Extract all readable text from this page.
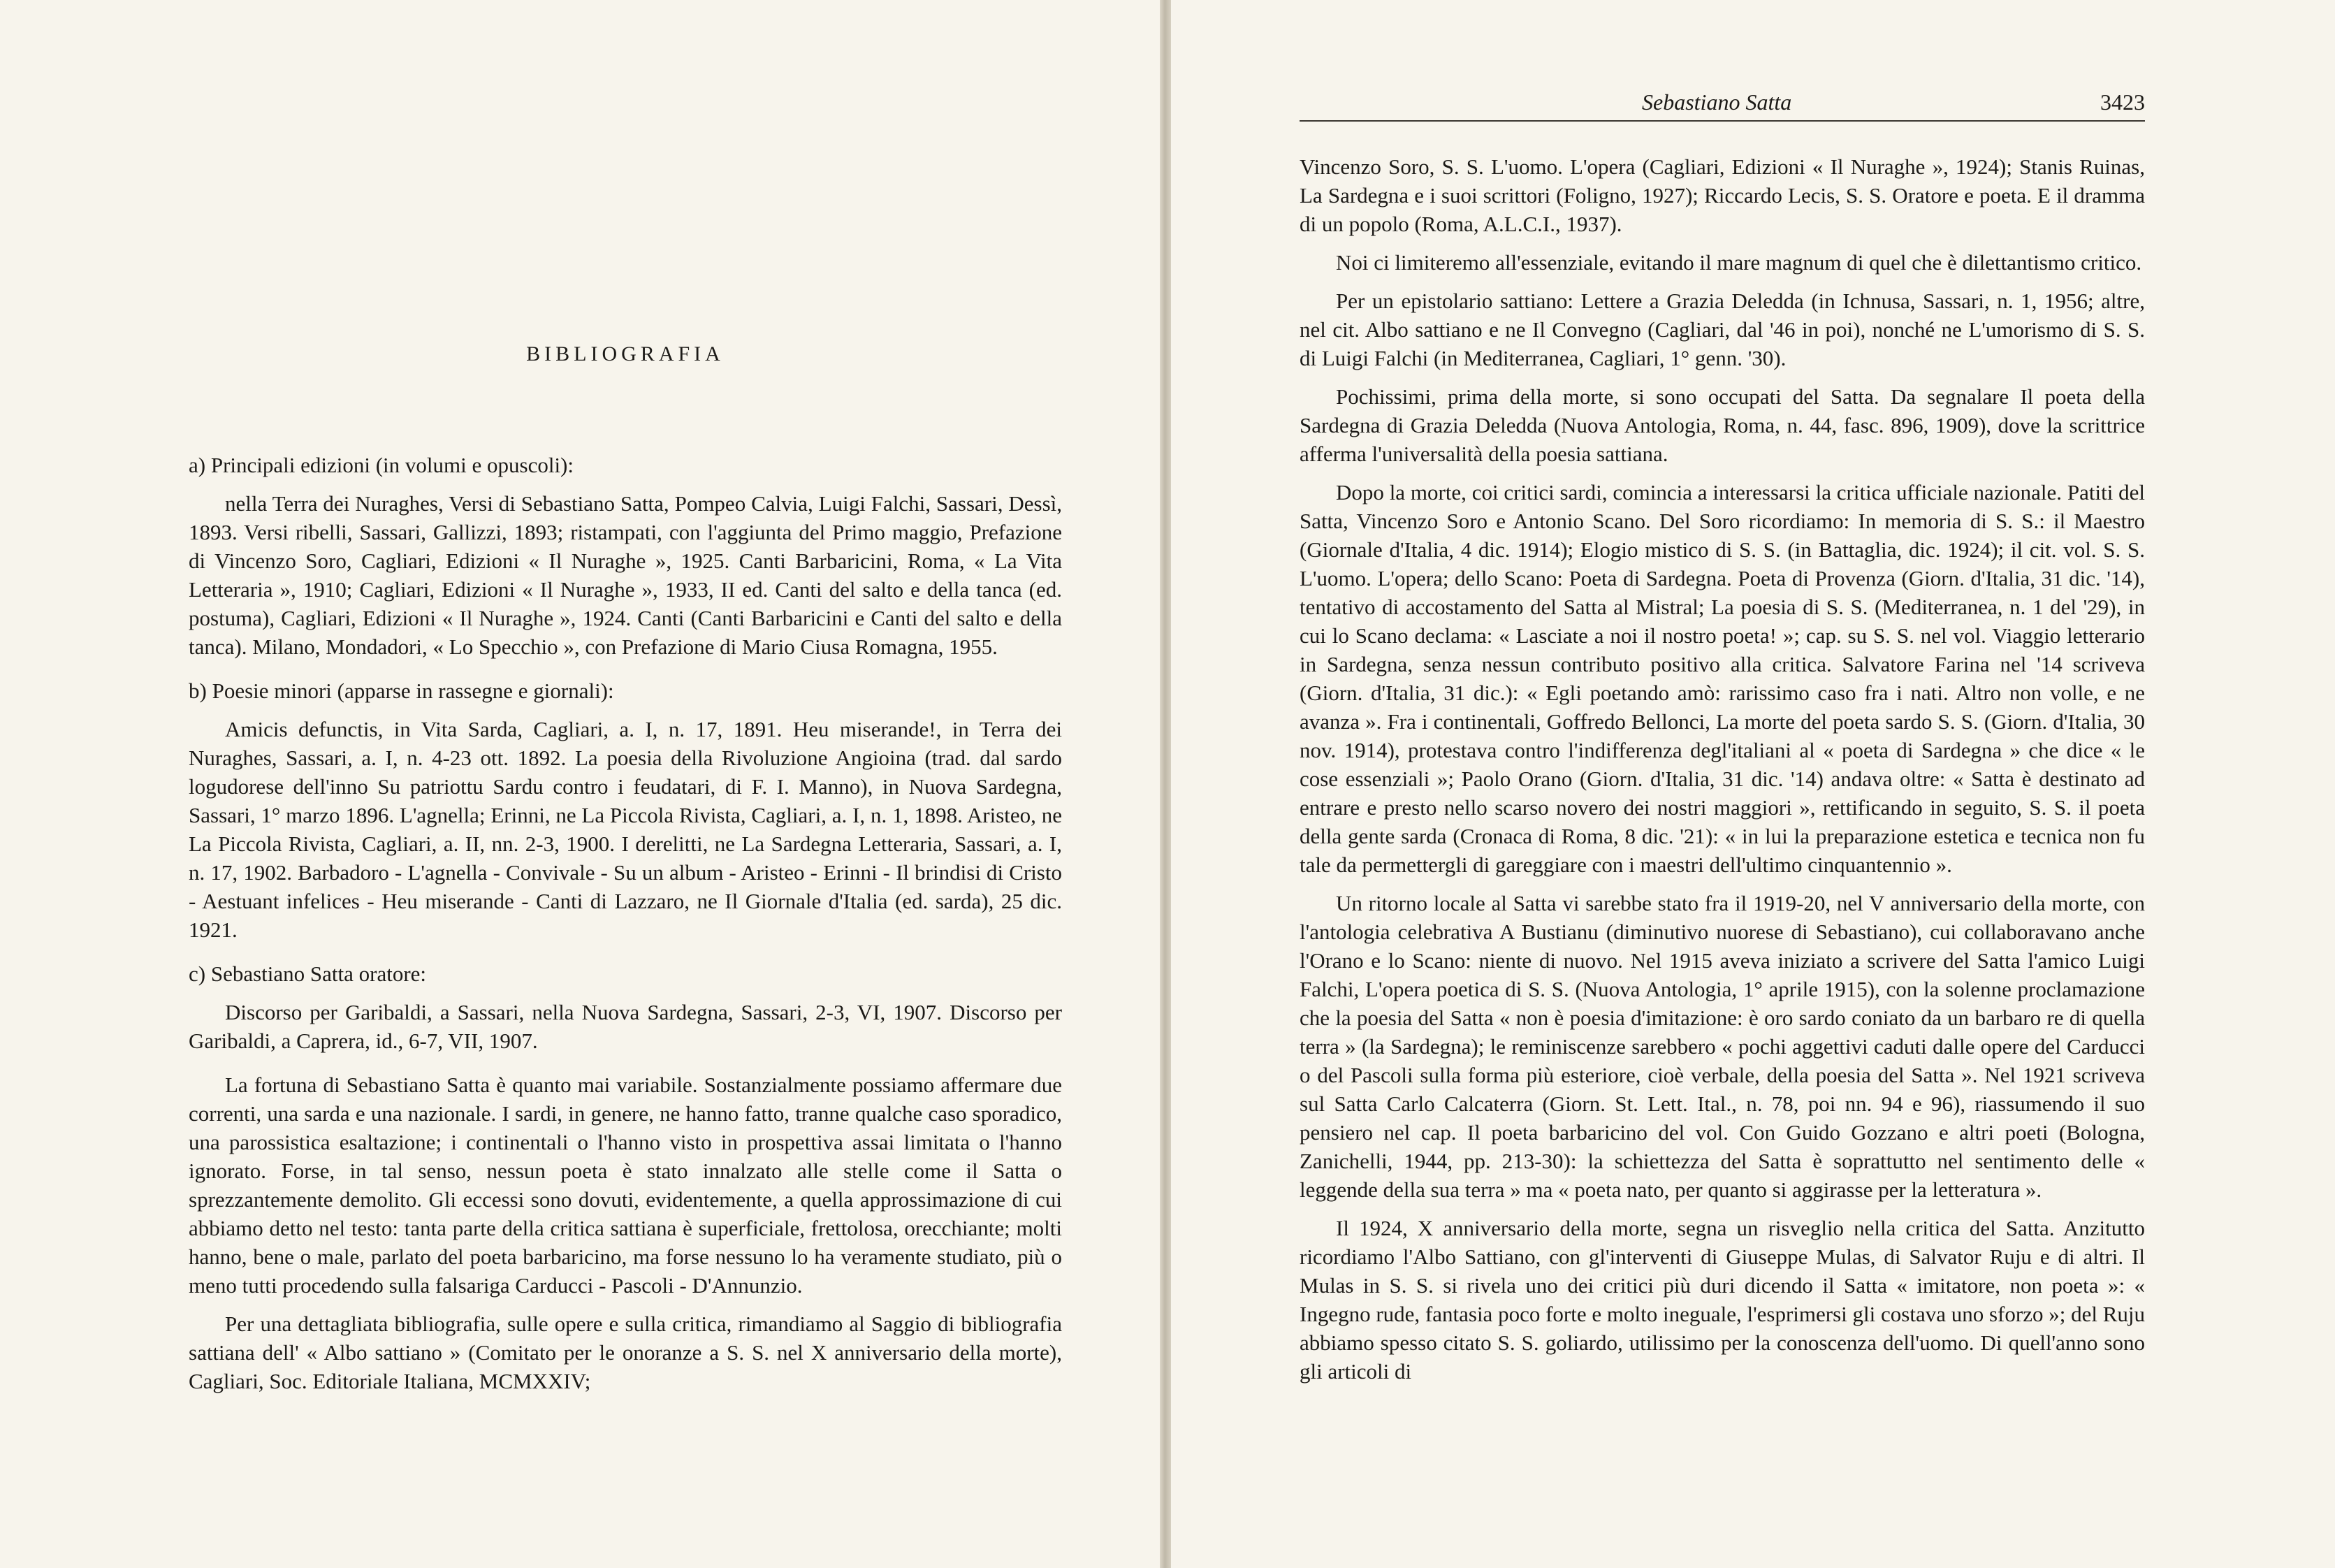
BIBLIOGRAFIA

a) Principali edizioni (in volumi e opuscoli):

nella Terra dei Nuraghes, Versi di Sebastiano Satta, Pompeo Calvia, Luigi Falchi, Sassari, Dessì, 1893. Versi ribelli, Sassari, Gallizzi, 1893; ristampati, con l'aggiunta del Primo maggio, Prefazione di Vincenzo Soro, Cagliari, Edizioni « Il Nuraghe », 1925. Canti Barbaricini, Roma, « La Vita Letteraria », 1910; Cagliari, Edizioni « Il Nuraghe », 1933, II ed. Canti del salto e della tanca (ed. postuma), Cagliari, Edizioni « Il Nuraghe », 1924. Canti (Canti Barbaricini e Canti del salto e della tanca). Milano, Mondadori, « Lo Specchio », con Prefazione di Mario Ciusa Romagna, 1955.

b) Poesie minori (apparse in rassegne e giornali):

Amicis defunctis, in Vita Sarda, Cagliari, a. I, n. 17, 1891. Heu miserande!, in Terra dei Nuraghes, Sassari, a. I, n. 4-23 ott. 1892. La poesia della Rivoluzione Angioina (trad. dal sardo logudorese dell'inno Su patriottu Sardu contro i feudatari, di F. I. Manno), in Nuova Sardegna, Sassari, 1° marzo 1896. L'agnella; Erinni, ne La Piccola Rivista, Cagliari, a. I, n. 1, 1898. Aristeo, ne La Piccola Rivista, Cagliari, a. II, nn. 2-3, 1900. I derelitti, ne La Sardegna Letteraria, Sassari, a. I, n. 17, 1902. Barbadoro - L'agnella - Convivale - Su un album - Aristeo - Erinni - Il brindisi di Cristo - Aestuant infelices - Heu miserande - Canti di Lazzaro, ne Il Giornale d'Italia (ed. sarda), 25 dic. 1921.

c) Sebastiano Satta oratore:

Discorso per Garibaldi, a Sassari, nella Nuova Sardegna, Sassari, 2-3, VI, 1907. Discorso per Garibaldi, a Caprera, id., 6-7, VII, 1907.

La fortuna di Sebastiano Satta è quanto mai variabile. Sostanzialmente possiamo affermare due correnti, una sarda e una nazionale. I sardi, in genere, ne hanno fatto, tranne qualche caso sporadico, una parossistica esaltazione; i continentali o l'hanno visto in prospettiva assai limitata o l'hanno ignorato. Forse, in tal senso, nessun poeta è stato innalzato alle stelle come il Satta o sprezzantemente demolito. Gli eccessi sono dovuti, evidentemente, a quella approssimazione di cui abbiamo detto nel testo: tanta parte della critica sattiana è superficiale, frettolosa, orecchiante; molti hanno, bene o male, parlato del poeta barbaricino, ma forse nessuno lo ha veramente studiato, più o meno tutti procedendo sulla falsariga Carducci - Pascoli - D'Annunzio.

Per una dettagliata bibliografia, sulle opere e sulla critica, rimandiamo al Saggio di bibliografia sattiana dell' « Albo sattiano » (Comitato per le onoranze a S. S. nel X anniversario della morte), Cagliari, Soc. Editoriale Italiana, MCMXXIV;

Sebastiano Satta	3423

Vincenzo Soro, S. S. L'uomo. L'opera (Cagliari, Edizioni « Il Nuraghe », 1924); Stanis Ruinas, La Sardegna e i suoi scrittori (Foligno, 1927); Riccardo Lecis, S. S. Oratore e poeta. E il dramma di un popolo (Roma, A.L.C.I., 1937).

Noi ci limiteremo all'essenziale, evitando il mare magnum di quel che è dilettantismo critico.

Per un epistolario sattiano: Lettere a Grazia Deledda (in Ichnusa, Sassari, n. 1, 1956; altre, nel cit. Albo sattiano e ne Il Convegno (Cagliari, dal '46 in poi), nonché ne L'umorismo di S. S. di Luigi Falchi (in Mediterranea, Cagliari, 1° genn. '30).

Pochissimi, prima della morte, si sono occupati del Satta. Da segnalare Il poeta della Sardegna di Grazia Deledda (Nuova Antologia, Roma, n. 44, fasc. 896, 1909), dove la scrittrice afferma l'universalità della poesia sattiana.

Dopo la morte, coi critici sardi, comincia a interessarsi la critica ufficiale nazionale. Patiti del Satta, Vincenzo Soro e Antonio Scano. Del Soro ricordiamo: In memoria di S. S.: il Maestro (Giornale d'Italia, 4 dic. 1914); Elogio mistico di S. S. (in Battaglia, dic. 1924); il cit. vol. S. S. L'uomo. L'opera; dello Scano: Poeta di Sardegna. Poeta di Provenza (Giorn. d'Italia, 31 dic. '14), tentativo di accostamento del Satta al Mistral; La poesia di S. S. (Mediterranea, n. 1 del '29), in cui lo Scano declama: « Lasciate a noi il nostro poeta! »; cap. su S. S. nel vol. Viaggio letterario in Sardegna, senza nessun contributo positivo alla critica. Salvatore Farina nel '14 scriveva (Giorn. d'Italia, 31 dic.): « Egli poetando amò: rarissimo caso fra i nati. Altro non volle, e ne avanza ». Fra i continentali, Goffredo Bellonci, La morte del poeta sardo S. S. (Giorn. d'Italia, 30 nov. 1914), protestava contro l'indifferenza degl'italiani al « poeta di Sardegna » che dice « le cose essenziali »; Paolo Orano (Giorn. d'Italia, 31 dic. '14) andava oltre: « Satta è destinato ad entrare e presto nello scarso novero dei nostri maggiori », rettificando in seguito, S. S. il poeta della gente sarda (Cronaca di Roma, 8 dic. '21): « in lui la preparazione estetica e tecnica non fu tale da permettergli di gareggiare con i maestri dell'ultimo cinquantennio ».

Un ritorno locale al Satta vi sarebbe stato fra il 1919-20, nel V anniversario della morte, con l'antologia celebrativa A Bustianu (diminutivo nuorese di Sebastiano), cui collaboravano anche l'Orano e lo Scano: niente di nuovo. Nel 1915 aveva iniziato a scrivere del Satta l'amico Luigi Falchi, L'opera poetica di S. S. (Nuova Antologia, 1° aprile 1915), con la solenne proclamazione che la poesia del Satta « non è poesia d'imitazione: è oro sardo coniato da un barbaro re di quella terra » (la Sardegna); le reminiscenze sarebbero « pochi aggettivi caduti dalle opere del Carducci o del Pascoli sulla forma più esteriore, cioè verbale, della poesia del Satta ». Nel 1921 scriveva sul Satta Carlo Calcaterra (Giorn. St. Lett. Ital., n. 78, poi nn. 94 e 96), riassumendo il suo pensiero nel cap. Il poeta barbaricino del vol. Con Guido Gozzano e altri poeti (Bologna, Zanichelli, 1944, pp. 213-30): la schiettezza del Satta è soprattutto nel sentimento delle « leggende della sua terra » ma « poeta nato, per quanto si aggirasse per la letteratura ».

Il 1924, X anniversario della morte, segna un risveglio nella critica del Satta. Anzitutto ricordiamo l'Albo Sattiano, con gl'interventi di Giuseppe Mulas, di Salvator Ruju e di altri. Il Mulas in S. S. si rivela uno dei critici più duri dicendo il Satta « imitatore, non poeta »: « Ingegno rude, fantasia poco forte e molto ineguale, l'esprimersi gli costava uno sforzo »; del Ruju abbiamo spesso citato S. S. goliardo, utilissimo per la conoscenza dell'uomo. Di quell'anno sono gli articoli di
